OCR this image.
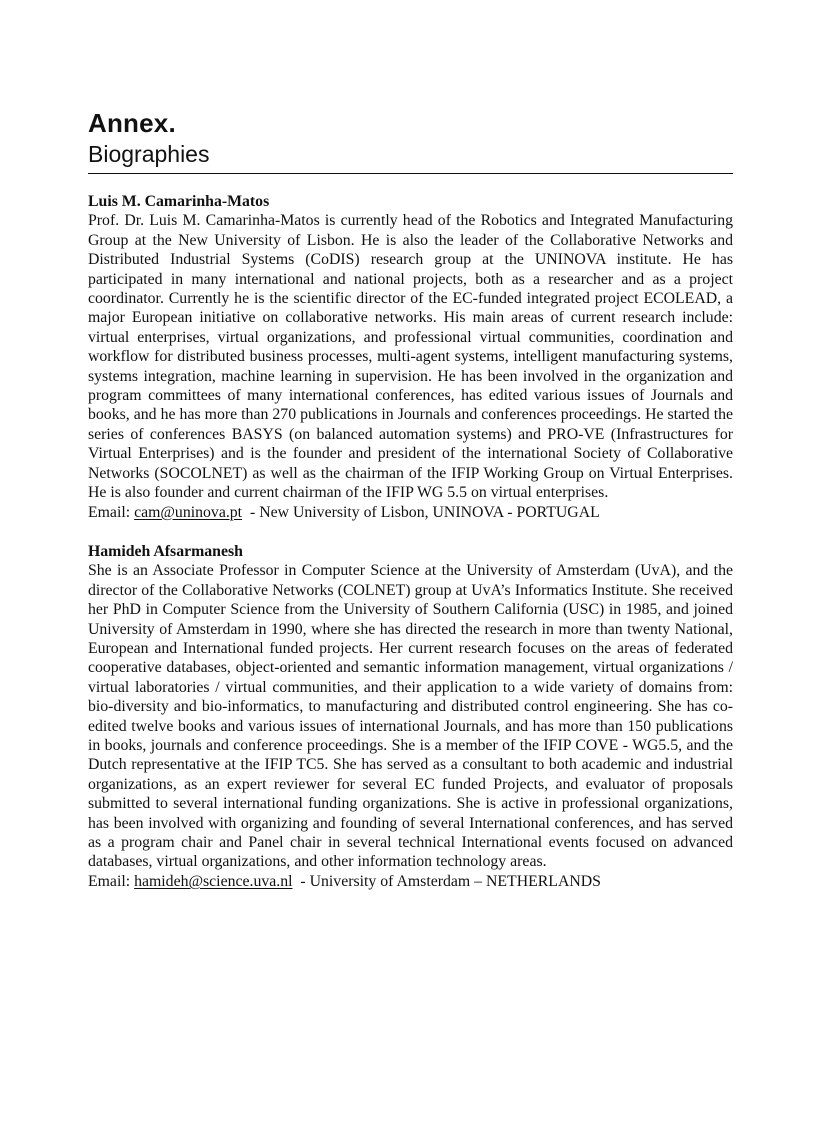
Annex.
Biographies

Luis M. Camarinha-Matos

Prof. Dr. Luis M. Camarinha-Matos is currently head of the Robotics and Integrated Manufacturing Group at the New University of Lisbon. He is also the leader of the Collaborative Networks and Distributed Industrial Systems (CoDIS) research group at the UNINOVA institute. He has participated in many international and national projects, both as a researcher and as a project coordinator. Currently he is the scientific director of the EC-funded integrated project ECOLEAD, a major European initiative on collaborative networks. His main areas of current research include: virtual enterprises, virtual organizations, and professional virtual communities, coordination and workflow for distributed business processes, multi-agent systems, intelligent manufacturing systems, systems integration, machine learning in supervision. He has been involved in the organization and program committees of many international conferences, has edited various issues of Journals and books, and he has more than 270 publications in Journals and conferences proceedings. He started the series of conferences BASYS (on balanced automation systems) and PRO-VE (Infrastructures for Virtual Enterprises) and is the founder and president of the international Society of Collaborative Networks (SOCOLNET) as well as the chairman of the IFIP Working Group on Virtual Enterprises. He is also founder and current chairman of the IFIP WG 5.5 on virtual enterprises.

Email: cam@uninova.pt - New University of Lisbon, UNINOVA - PORTUGAL

Hamideh Afsarmanesh

She is an Associate Professor in Computer Science at the University of Amsterdam (UvA), and the director of the Collaborative Networks (COLNET) group at UvA’s Informatics Institute. She received her PhD in Computer Science from the University of Southern California (USC) in 1985, and joined University of Amsterdam in 1990, where she has directed the research in more than twenty National, European and International funded projects. Her current research focuses on the areas of federated cooperative databases, object-oriented and semantic information management, virtual organizations / virtual laboratories / virtual communities, and their application to a wide variety of domains from: bio-diversity and bio-informatics, to manufacturing and distributed control engineering. She has co-edited twelve books and various issues of international Journals, and has more than 150 publications in books, journals and conference proceedings. She is a member of the IFIP COVE - WG5.5, and the Dutch representative at the IFIP TC5. She has served as a consultant to both academic and industrial organizations, as an expert reviewer for several EC funded Projects, and evaluator of proposals submitted to several international funding organizations. She is active in professional organizations, has been involved with organizing and founding of several International conferences, and has served as a program chair and Panel chair in several technical International events focused on advanced databases, virtual organizations, and other information technology areas.

Email: hamideh@science.uva.nl - University of Amsterdam – NETHERLANDS
